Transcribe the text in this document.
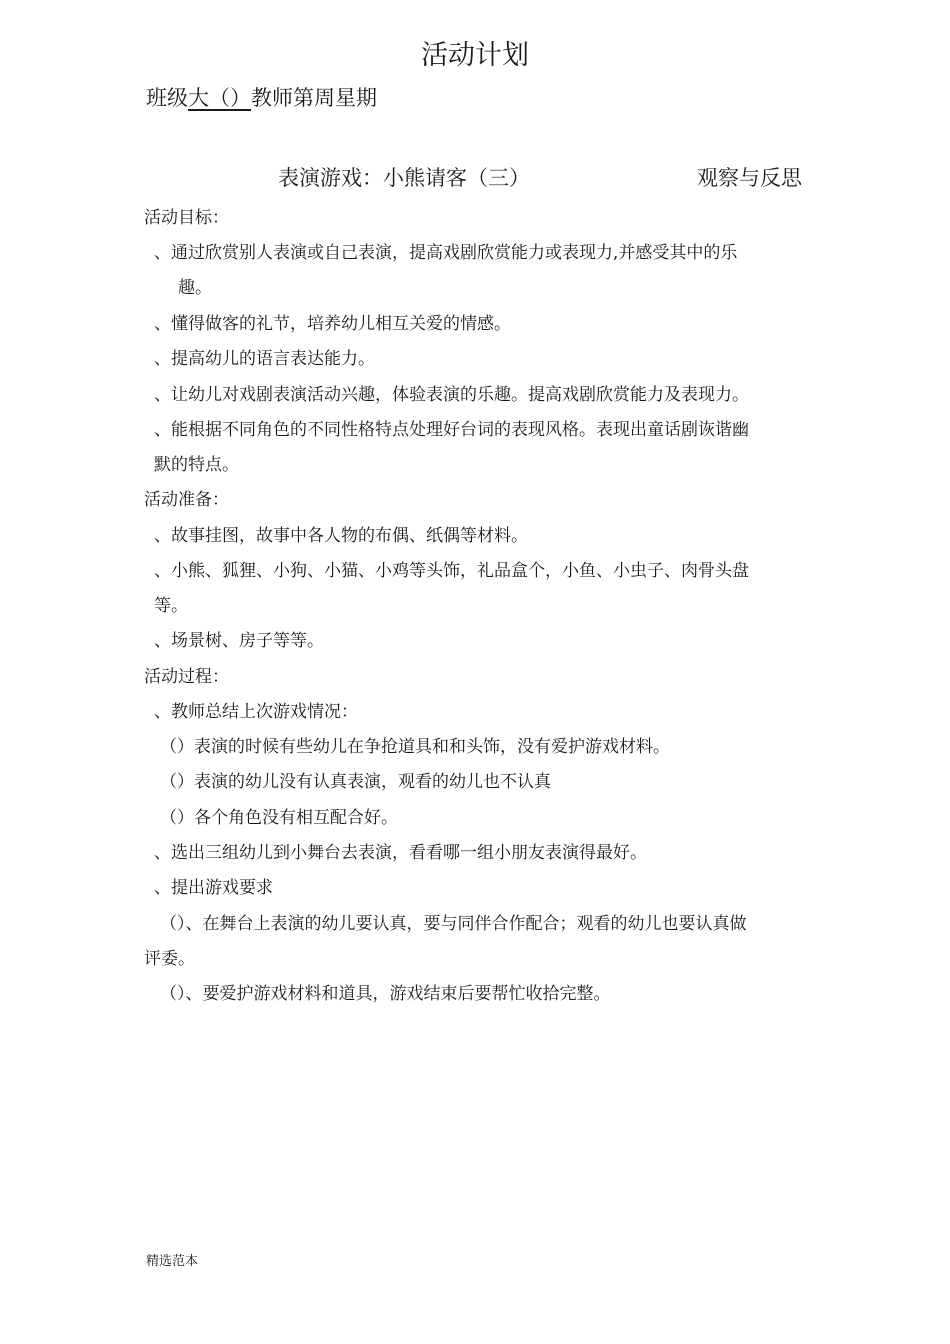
活动计划
班级大（）教师第周星期
表演游戏：小熊请客（三）	观察与反思
活动目标：
、通过欣赏别人表演或自己表演，提高戏剧欣赏能力或表现力,并感受其中的乐
趣。
、懂得做客的礼节，培养幼儿相互关爱的情感。
、提高幼儿的语言表达能力。
、让幼儿对戏剧表演活动兴趣，体验表演的乐趣。提高戏剧欣赏能力及表现力。
、能根据不同角色的不同性格特点处理好台词的表现风格。表现出童话剧诙谐幽
默的特点。
活动准备：
、故事挂图，故事中各人物的布偶、纸偶等材料。
、小熊、狐狸、小狗、小猫、小鸡等头饰，礼品盒个，小鱼、小虫子、肉骨头盘
等。
、场景树、房子等等。
活动过程：
、教师总结上次游戏情况：
（）表演的时候有些幼儿在争抢道具和和头饰，没有爱护游戏材料。
（）表演的幼儿没有认真表演，观看的幼儿也不认真
（）各个角色没有相互配合好。
、选出三组幼儿到小舞台去表演，看看哪一组小朋友表演得最好。
、提出游戏要求
（）、在舞台上表演的幼儿要认真，要与同伴合作配合；观看的幼儿也要认真做
评委。
（）、要爱护游戏材料和道具，游戏结束后要帮忙收拾完整。
精选范本
